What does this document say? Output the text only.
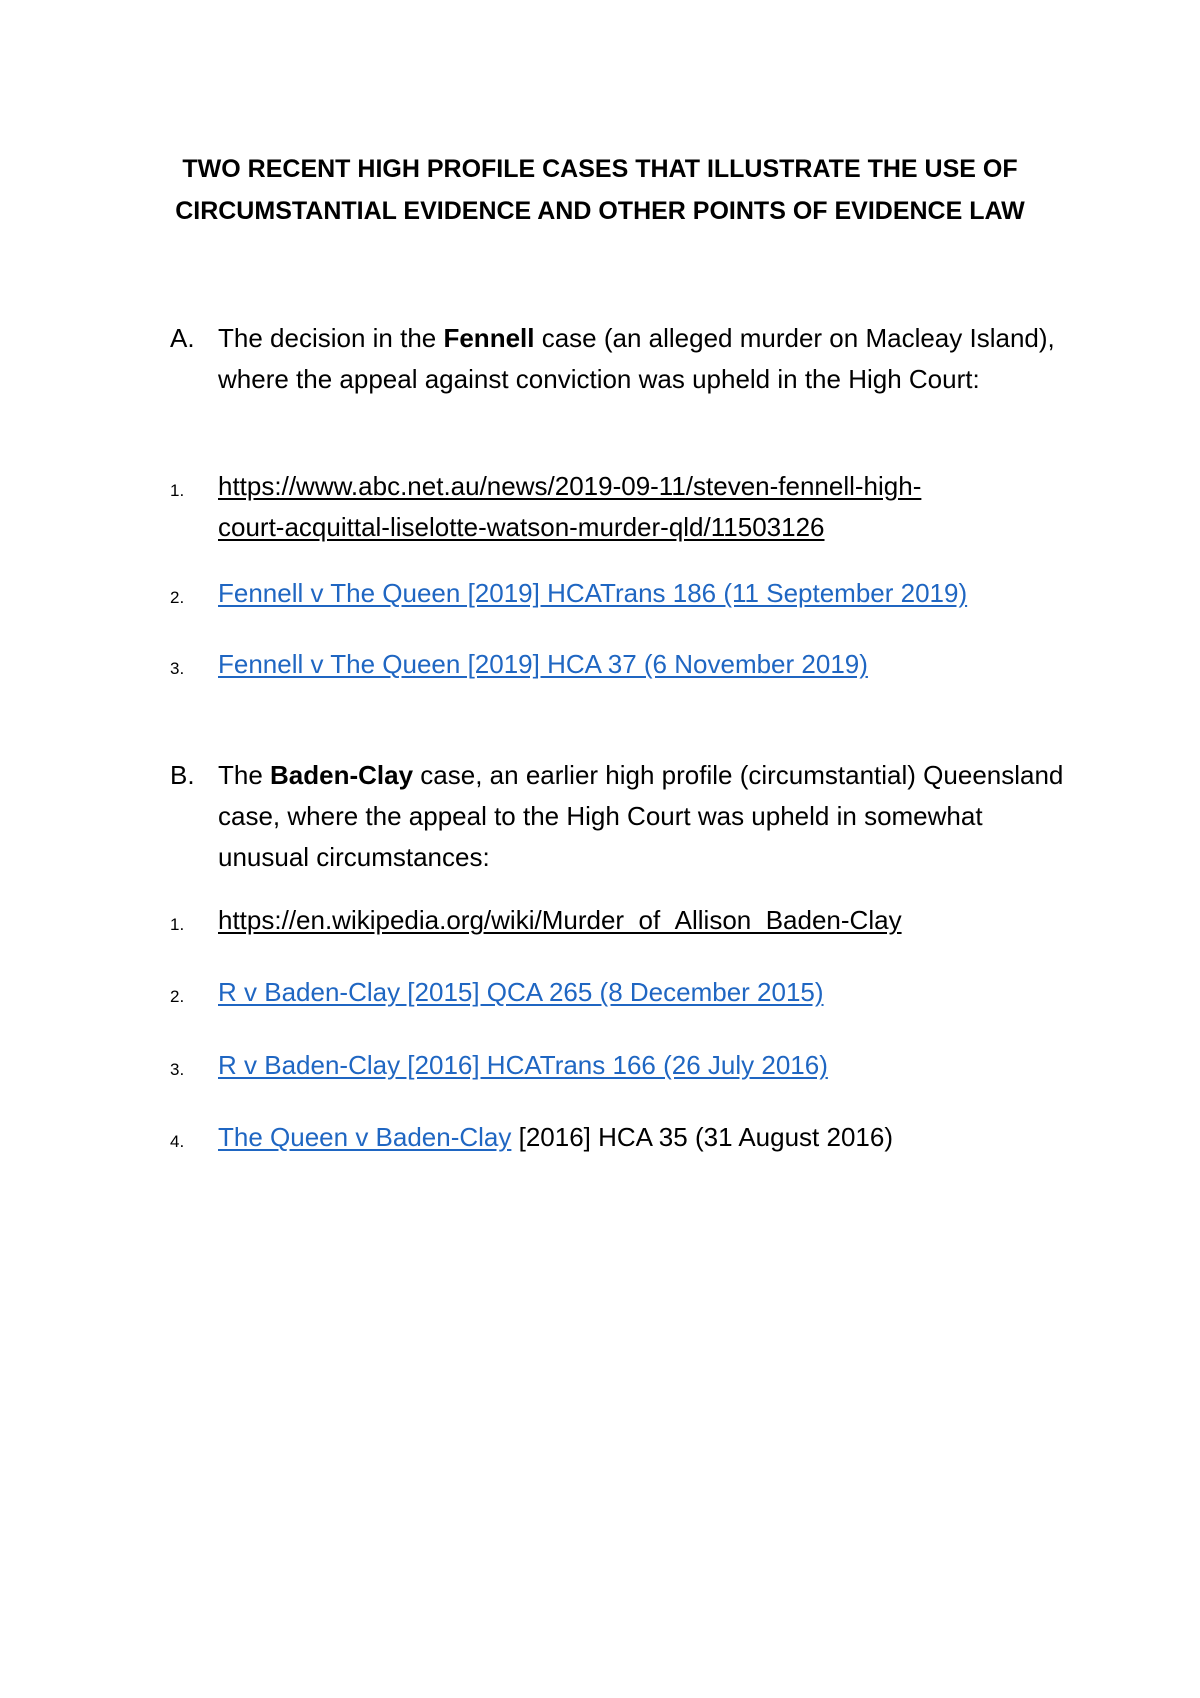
TWO RECENT HIGH PROFILE CASES THAT ILLUSTRATE THE USE OF
CIRCUMSTANTIAL EVIDENCE AND OTHER POINTS OF EVIDENCE LAW
A. The decision in the Fennell case (an alleged murder on Macleay Island), where the appeal against conviction was upheld in the High Court:
1.	https://www.abc.net.au/news/2019-09-11/steven-fennell-high-
court-acquittal-liselotte-watson-murder-qld/11503126
2.	Fennell v The Queen [2019] HCATrans 186 (11 September 2019)
3.	Fennell v The Queen [2019] HCA 37 (6 November 2019)
B. The Baden-Clay case, an earlier high profile (circumstantial) Queensland case, where the appeal to the High Court was upheld in somewhat unusual circumstances:
1.	https://en.wikipedia.org/wiki/Murder_of_Allison_Baden-Clay
2.	R v Baden-Clay [2015] QCA 265 (8 December 2015)
3.	R v Baden-Clay [2016] HCATrans 166 (26 July 2016)
4.	The Queen v Baden-Clay [2016] HCA 35 (31 August 2016)
